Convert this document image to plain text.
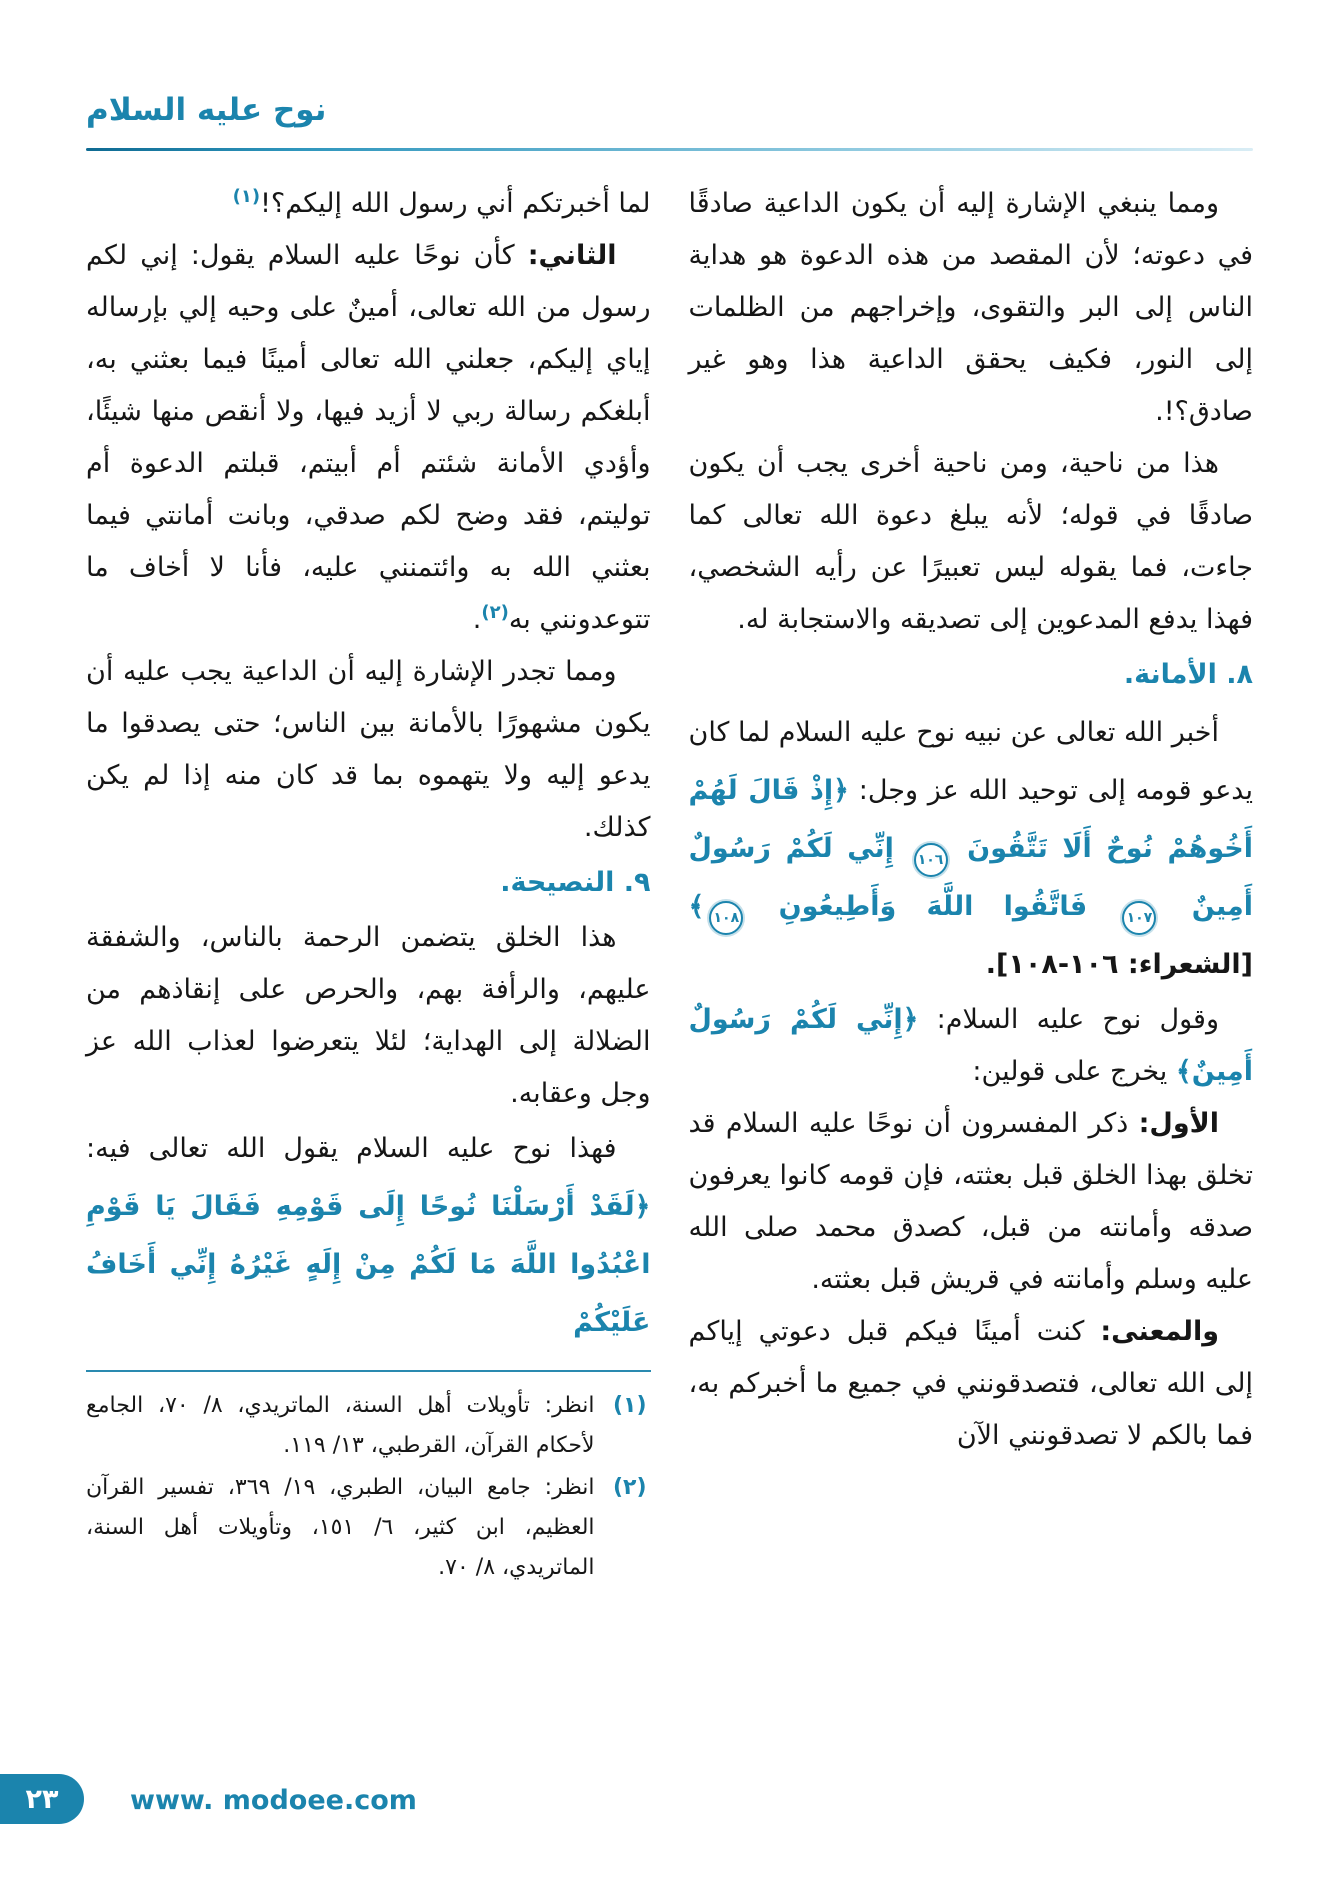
نوح عليه السلام

ومما ينبغي الإشارة إليه أن يكون الداعية صادقًا في دعوته؛ لأن المقصد من هذه الدعوة هو هداية الناس إلى البر والتقوى، وإخراجهم من الظلمات إلى النور، فكيف يحقق الداعية هذا وهو غير صادق؟!.

هذا من ناحية، ومن ناحية أخرى يجب أن يكون صادقًا في قوله؛ لأنه يبلغ دعوة الله تعالى كما جاءت، فما يقوله ليس تعبيرًا عن رأيه الشخصي، فهذا يدفع المدعوين إلى تصديقه والاستجابة له.

٨. الأمانة.

أخبر الله تعالى عن نبيه نوح عليه السلام لما كان يدعو قومه إلى توحيد الله عز وجل: ﴿إِذْ قَالَ لَهُمْ أَخُوهُمْ نُوحٌ أَلَا تَتَّقُونَ ١٠٦ إِنِّي لَكُمْ رَسُولٌ أَمِينٌ ١٠٧ فَاتَّقُوا اللَّهَ وَأَطِيعُونِ ١٠٨﴾ [الشعراء: ١٠٦-١٠٨].

وقول نوح عليه السلام: ﴿إِنِّي لَكُمْ رَسُولٌ أَمِينٌ﴾ يخرج على قولين:

الأول: ذكر المفسرون أن نوحًا عليه السلام قد تخلق بهذا الخلق قبل بعثته، فإن قومه كانوا يعرفون صدقه وأمانته من قبل، كصدق محمد صلى الله عليه وسلم وأمانته في قريش قبل بعثته.

والمعنى: كنت أمينًا فيكم قبل دعوتي إياكم إلى الله تعالى، فتصدقونني في جميع ما أخبركم به، فما بالكم لا تصدقونني الآن

لما أخبرتكم أني رسول الله إليكم؟!$^{(١)}$

الثاني: كأن نوحًا عليه السلام يقول: إني لكم رسول من الله تعالى، أمينٌ على وحيه إلي بإرساله إياي إليكم، جعلني الله تعالى أمينًا فيما بعثني به، أبلغكم رسالة ربي لا أزيد فيها، ولا أنقص منها شيئًا، وأؤدي الأمانة شئتم أم أبيتم، قبلتم الدعوة أم توليتم، فقد وضح لكم صدقي، وبانت أمانتي فيما بعثني الله به وائتمنني عليه، فأنا لا أخاف ما تتوعدونني به$^{(٢)}$.

ومما تجدر الإشارة إليه أن الداعية يجب عليه أن يكون مشهورًا بالأمانة بين الناس؛ حتى يصدقوا ما يدعو إليه ولا يتهموه بما قد كان منه إذا لم يكن كذلك.

٩. النصيحة.

هذا الخلق يتضمن الرحمة بالناس، والشفقة عليهم، والرأفة بهم، والحرص على إنقاذهم من الضلالة إلى الهداية؛ لئلا يتعرضوا لعذاب الله عز وجل وعقابه.

فهذا نوح عليه السلام يقول الله تعالى فيه: ﴿لَقَدْ أَرْسَلْنَا نُوحًا إِلَى قَوْمِهِ فَقَالَ يَا قَوْمِ اعْبُدُوا اللَّهَ مَا لَكُمْ مِنْ إِلَهٍ غَيْرُهُ إِنِّي أَخَافُ عَلَيْكُمْ

(١)
انظر: تأويلات أهل السنة، الماتريدي، ٨/ ٧٠، الجامع لأحكام القرآن، القرطبي، ١٣/ ١١٩.
(٢)
انظر: جامع البيان، الطبري، ١٩/ ٣٦٩، تفسير القرآن العظيم، ابن كثير، ٦/ ١٥١، وتأويلات أهل السنة، الماتريدي، ٨/ ٧٠.
٢٣	www. modoee.com
